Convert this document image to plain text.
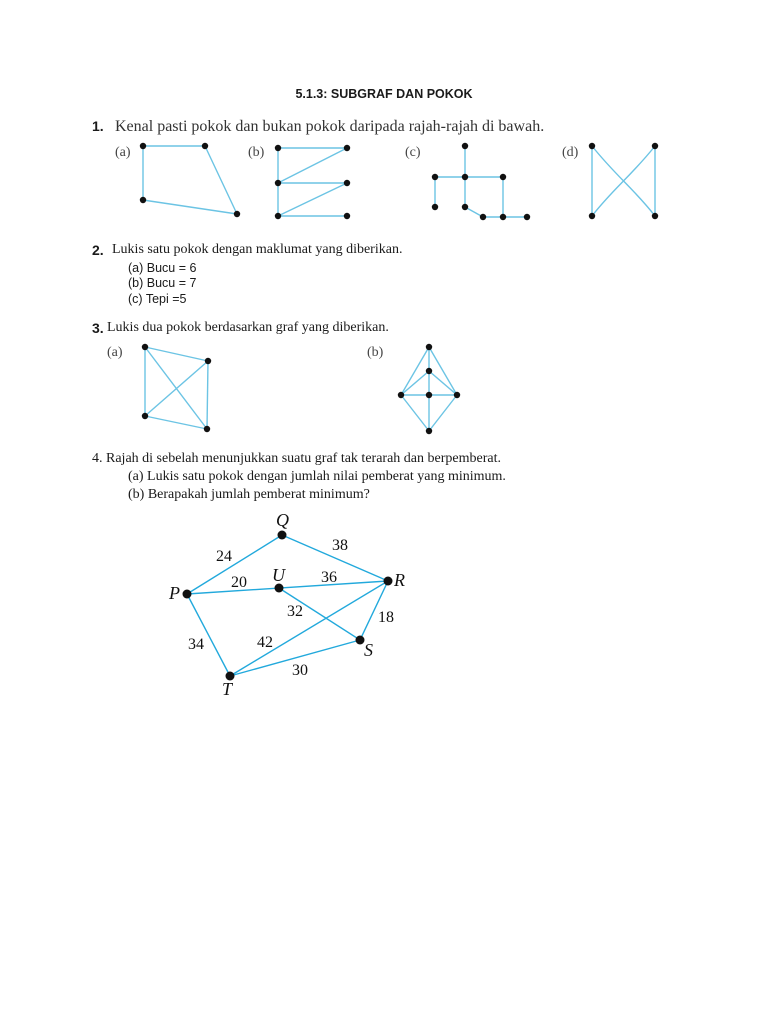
5.1.3: SUBGRAF DAN POKOK
1. Kenal pasti pokok dan bukan pokok daripada rajah-rajah di bawah.
(a)	(b)	(c)	(d)
2. Lukis satu pokok dengan maklumat yang diberikan.
(a) Bucu = 6
(b) Bucu = 7
(c) Tepi =5
3. Lukis dua pokok berdasarkan graf yang diberikan.
(a)	(b)
4. Rajah di sebelah menunjukkan suatu graf tak terarah dan berpemberat.
(a) Lukis satu pokok dengan jumlah nilai pemberat yang minimum.
(b) Berapakah jumlah pemberat minimum?
Q
U	R
P
S
T
24
38
20	36
32	18
34	42
30
